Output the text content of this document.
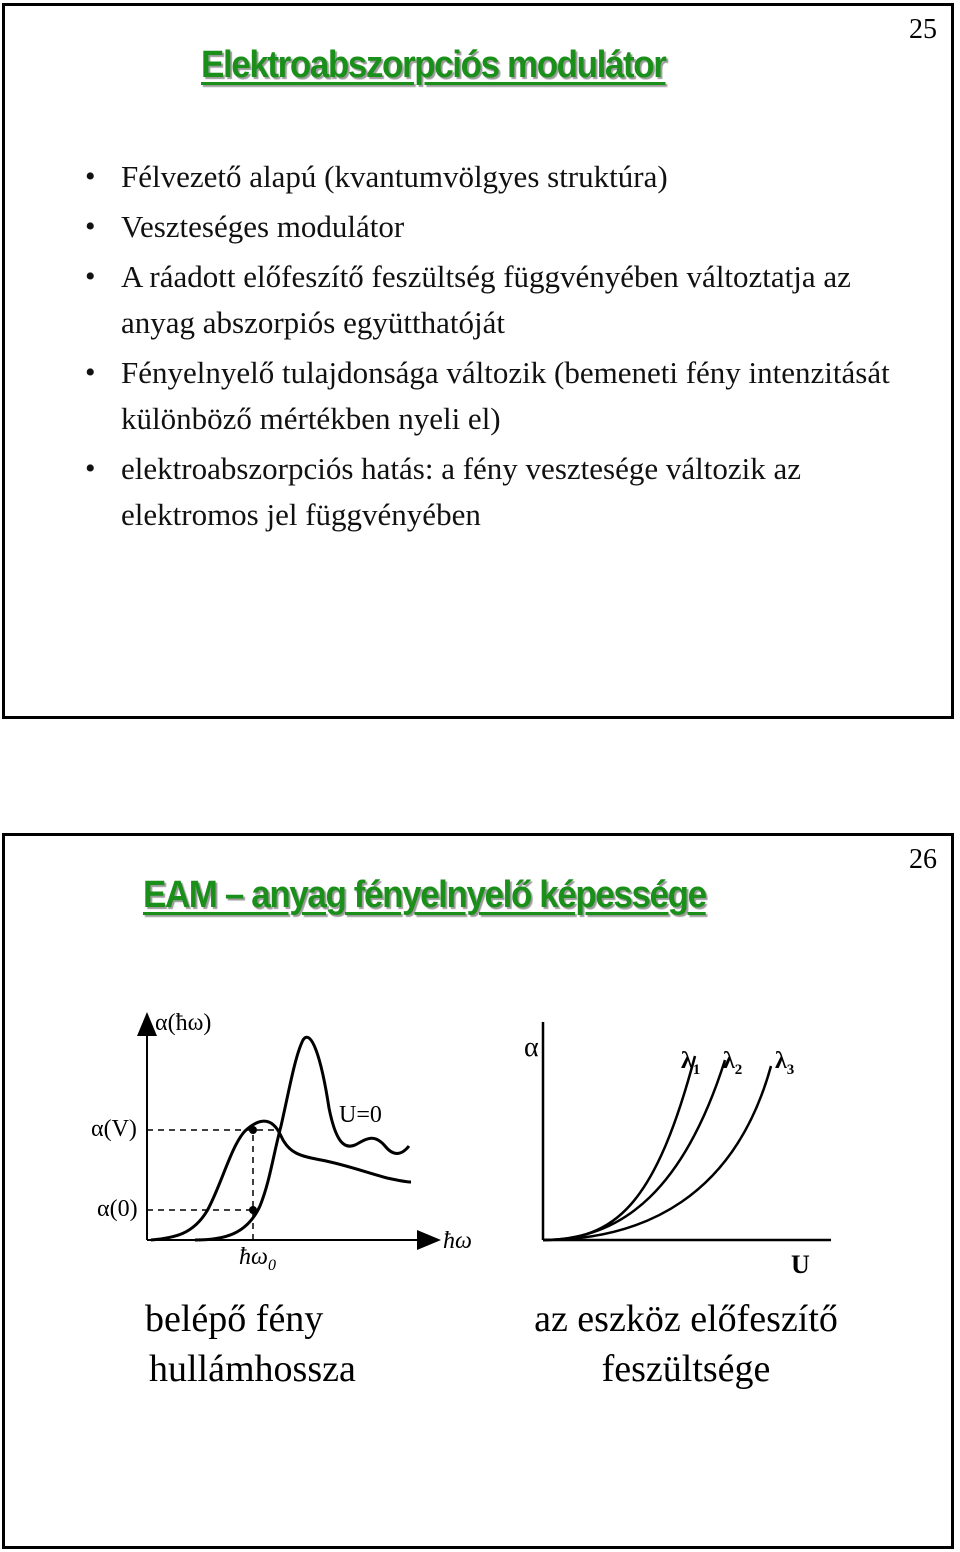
25
Elektroabszorpciós modulátor
• Félvezető alapú (kvantumvölgyes struktúra)
• Veszteséges modulátor
• A ráadott előfeszítő feszültség függvényében változtatja az anyag abszorpiós együtthatóját
• Fényelnyelő tulajdonsága változik (bemeneti fény intenzitását különböző mértékben nyeli el)
• elektroabszorpciós hatás: a fény vesztesége változik az elektromos jel függvényében
26
EAM – anyag fényelnyelő képessége
α(ħω)
α(V)
α(0)
ħω
$ħ\omega_0$
U=0
α
U
$\lambda_1$ $\lambda_2$ $\lambda_3$
belépő fény
hullámhossza
az eszköz előfeszítő
feszültsége
